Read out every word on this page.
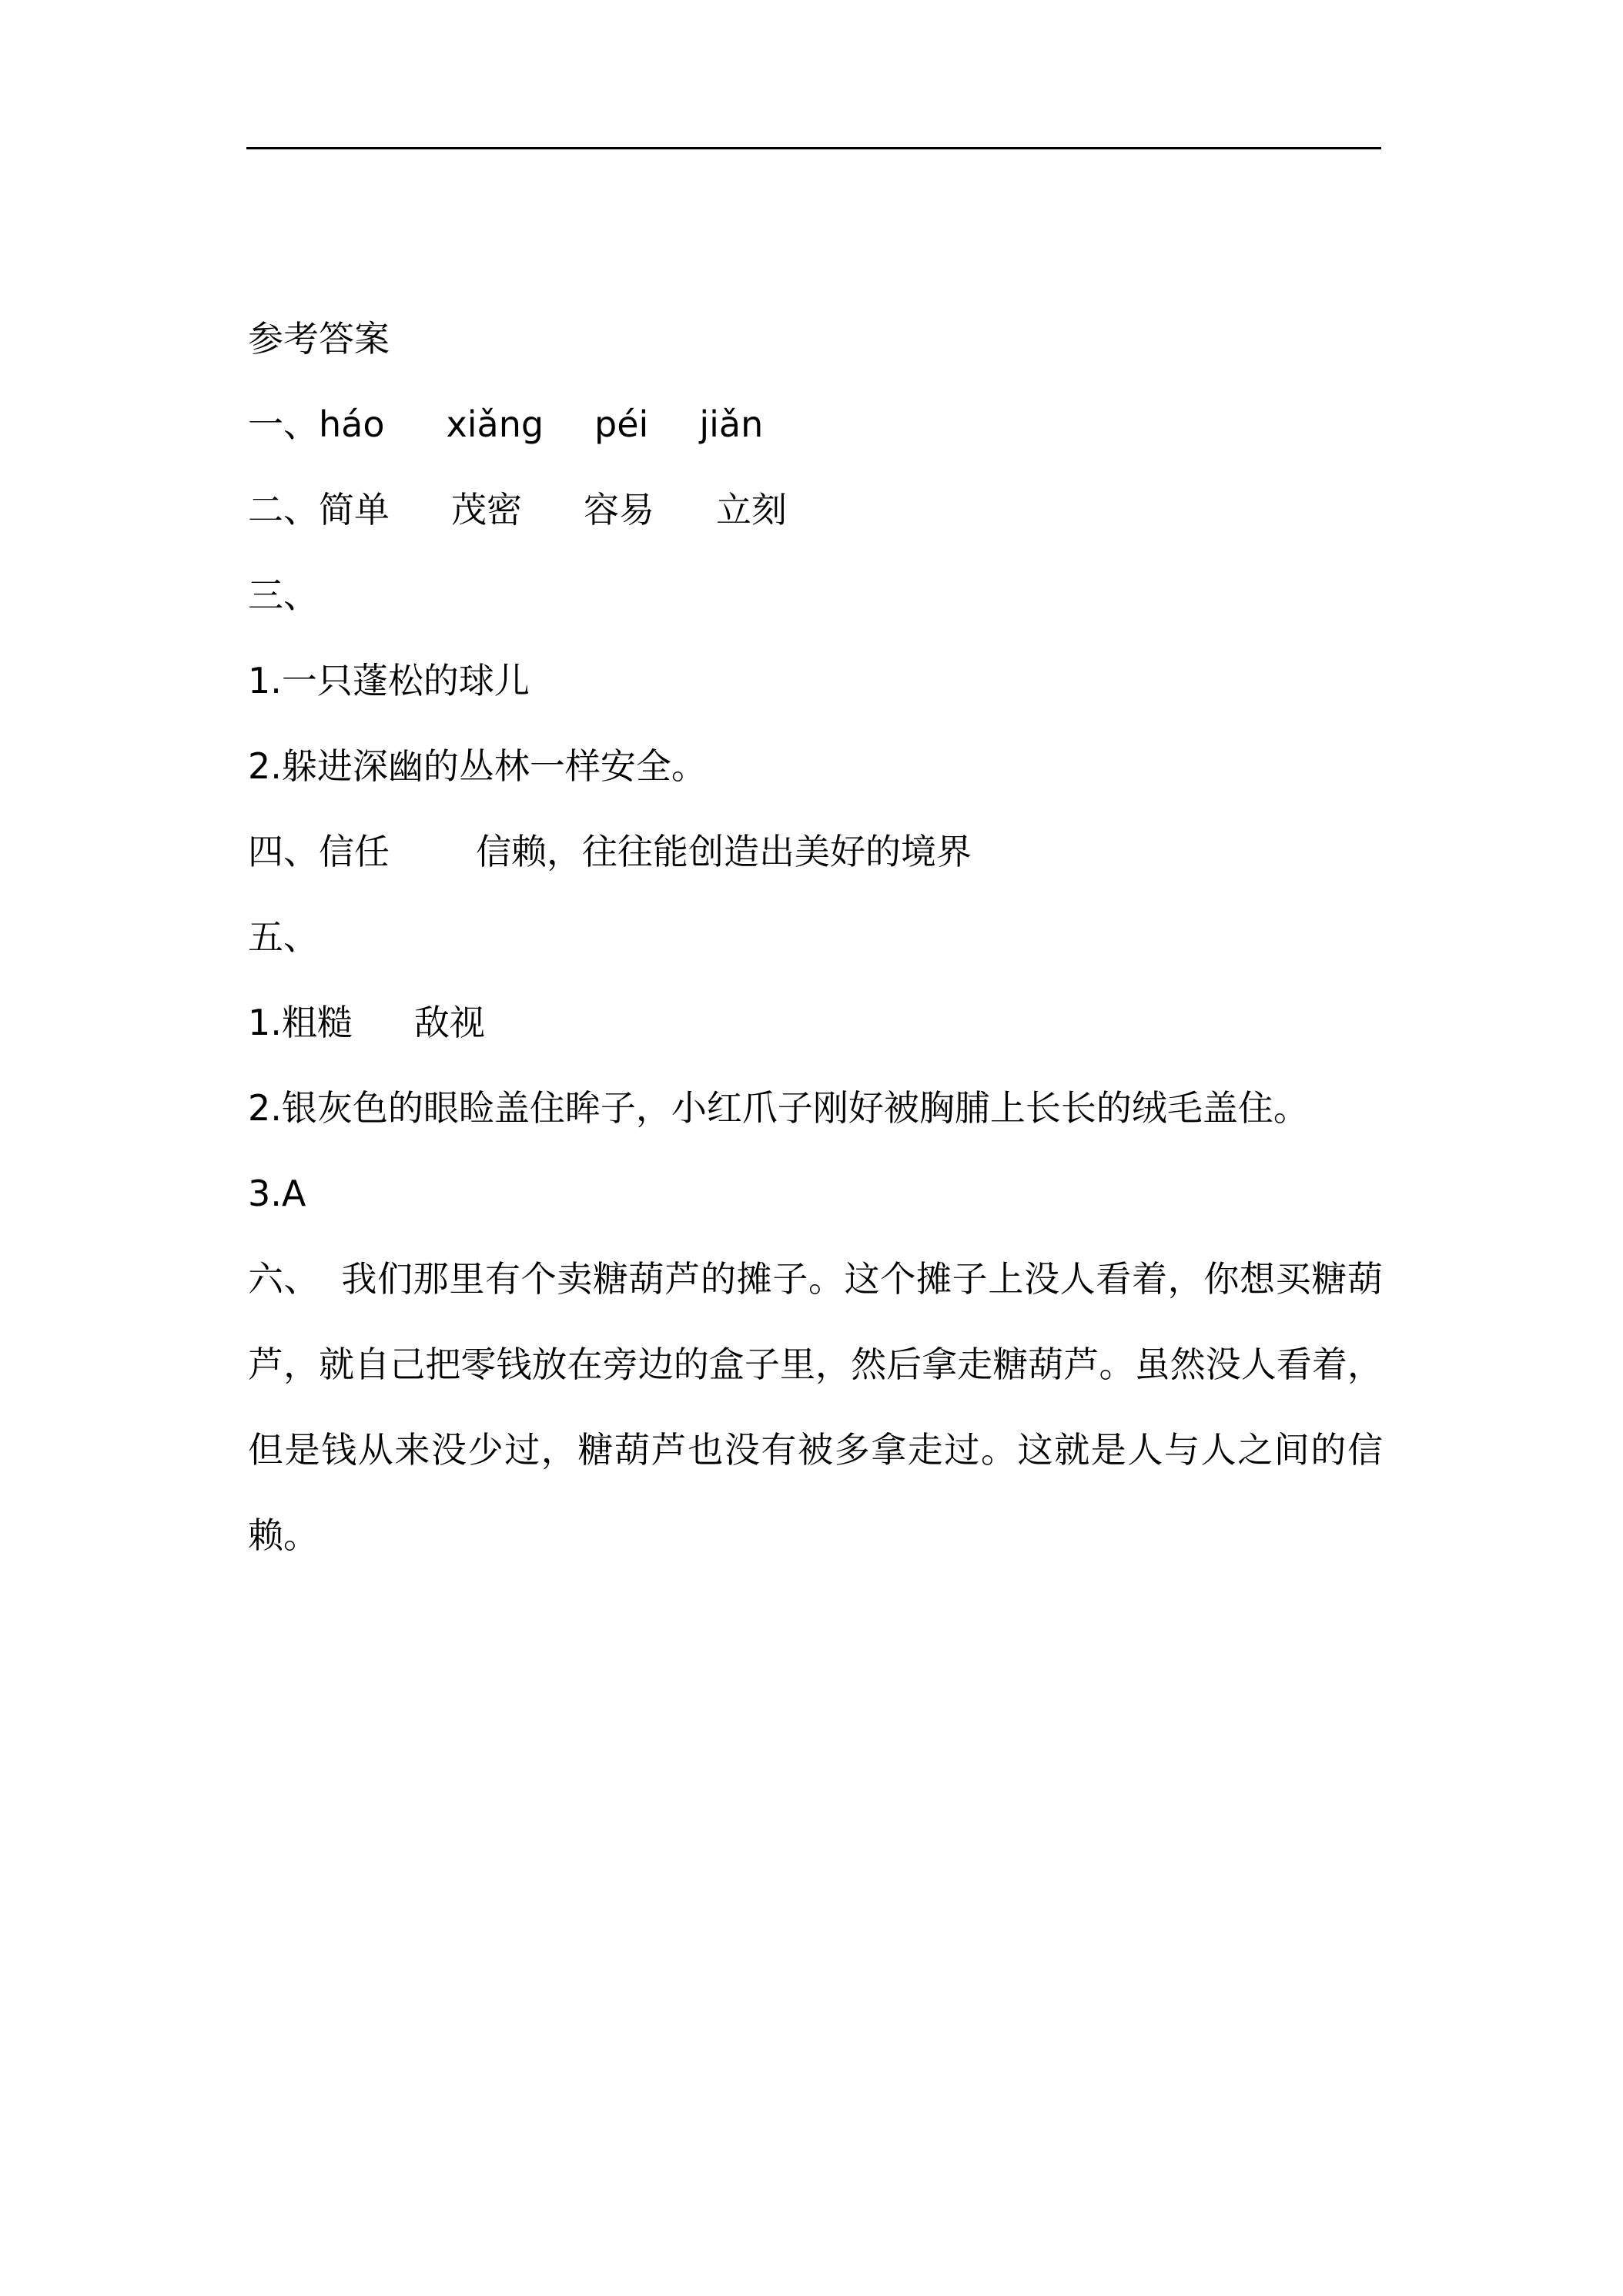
参考答案
一、 háo xiǎng péi jiǎn
二、 简单 茂密 容易 立刻
三、
1.一只蓬松的球儿
2.躲进深幽的丛林一样安全。
四、 信任 信赖，往往能创造出美好的境界
五、
1. 粗糙 敌视
2.银灰色的眼睑盖住眸子，小红爪子刚好被胸脯上长长的绒毛盖住。
3.A
六、 我们那里有个卖糖葫芦的摊子。这个摊子上没人看着，你想买糖葫芦，就自己把零钱放在旁边的盒子里，然后拿走糖葫芦。虽然没人看着，但是钱从来没少过，糖葫芦也没有被多拿走过。这就是人与人之间的信赖。
